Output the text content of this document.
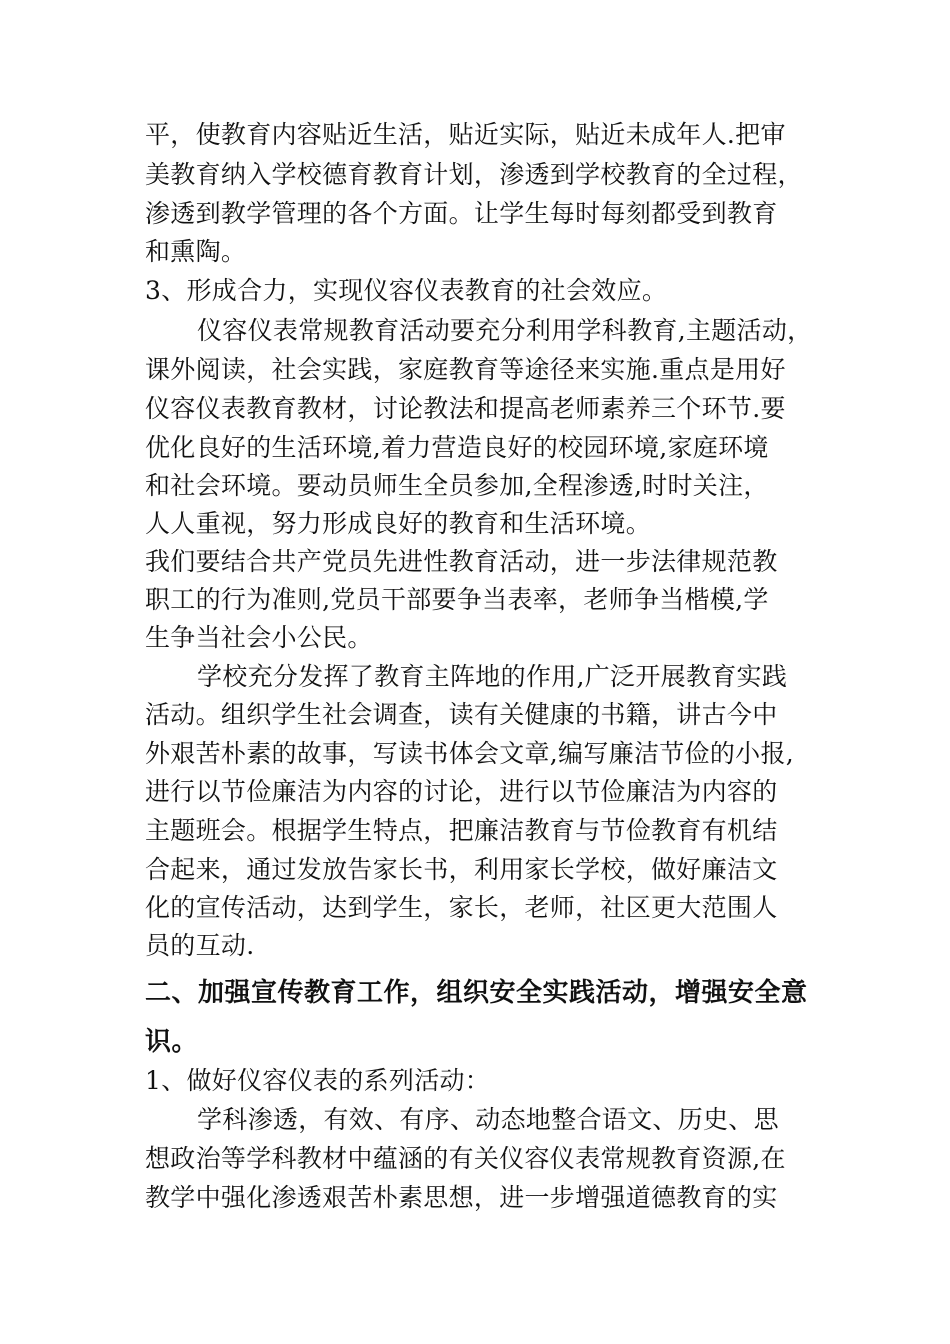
平，使教育内容贴近生活，贴近实际，贴近未成年人.把审
美教育纳入学校德育教育计划，渗透到学校教育的全过程，
渗透到教学管理的各个方面。让学生每时每刻都受到教育
和熏陶。
3、形成合力，实现仪容仪表教育的社会效应。
仪容仪表常规教育活动要充分利用学科教育,主题活动，
课外阅读，社会实践，家庭教育等途径来实施.重点是用好
仪容仪表教育教材，讨论教法和提高老师素养三个环节.要
优化良好的生活环境,着力营造良好的校园环境,家庭环境
和社会环境。要动员师生全员参加,全程渗透,时时关注，
人人重视，努力形成良好的教育和生活环境。
我们要结合共产党员先进性教育活动，进一步法律规范教
职工的行为准则,党员干部要争当表率，老师争当楷模,学
生争当社会小公民。
学校充分发挥了教育主阵地的作用,广泛开展教育实践
活动。组织学生社会调查，读有关健康的书籍，讲古今中
外艰苦朴素的故事，写读书体会文章,编写廉洁节俭的小报,
进行以节俭廉洁为内容的讨论，进行以节俭廉洁为内容的
主题班会。根据学生特点，把廉洁教育与节俭教育有机结
合起来，通过发放告家长书，利用家长学校，做好廉洁文
化的宣传活动，达到学生，家长，老师，社区更大范围人
员的互动.
二、加强宣传教育工作，组织安全实践活动，增强安全意
识。
1、做好仪容仪表的系列活动：
学科渗透，有效、有序、动态地整合语文、历史、思
想政治等学科教材中蕴涵的有关仪容仪表常规教育资源,在
教学中强化渗透艰苦朴素思想，进一步增强道德教育的实
